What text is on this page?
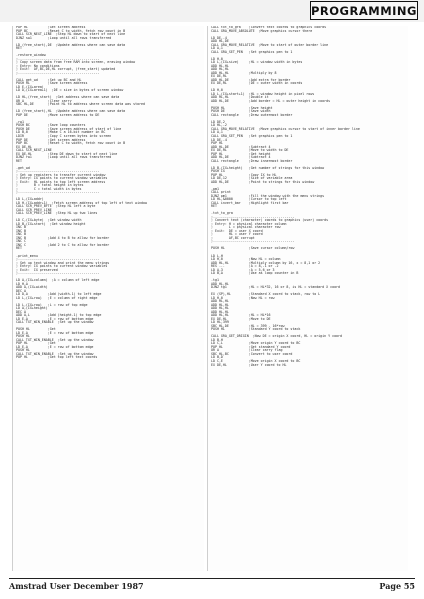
PROGRAMMING
POP HL          ;Get screen address
POP BC          ;Reset C to width, fetch row count in B
CALL SCR_NEXT_LINE  ;Step HL down to start of next line
DJNZ sw1        ;Loop until all rows transferred

LD (free_start),DE  ;Update address where can save data
RET

.restore_window
;-----------------------------------------
; Copy screen data from free RAM into screen, erasing window
; Entry: No conditions
; Exit:  AF,BC,DE,HL corrupt, (free_start) updated
;-----------------------------------------

CALL get_wd     ;Set up BC and HL
PUSH HL         ;Save screen address
LD E,(IX+area)
LD D,(IX+area+1)  ;DE = size in bytes of screen window

LD HL,(free_start)  ;Get address where can save data
OR A            ;Clear carry
SBC HL,DE       ;Point HL to address where screen data was stored

LD (free_start),HL  ;Update address where can save data
POP DE          ;Move screen address to DE

.rw1
PUSH BC         ;Save loop counters
PUSH DE         ;Save screen address of start of line
LD B,0          ;Make C a 16-bit number in BC
LDIR            ;Copy C screen bytes into screen
POP DE          ;Get screen address
POP BC          ;Reset C to width, fetch row count in B
EX DE,HL
CALL SCR_NEXT_LINE
EX DE,HL        ;Step DE down to start of next line
DJNZ rw1        ;Loop until all rows transferred
RET

.get_wd
;-----------------------------------------
; Set up registers to transfer current window
; Entry: IX points to current window variables
; Exit:  HL points to top left screen address
;        B = total height in bytes
;        C = total width in bytes
;-----------------------------------------

LD L,(IX+addr)
LD H,(IX+addr+1)  ;Fetch screen address of top left of text window
CALL SCR_PREV_BYTE  ;Step HL left a byte
CALL SCR_PREV_LINE
CALL SCR_PREV_LINE  ;Step HL up two lines

LD C,(IX+byte)  ;Get window width
LD B,(IX+start)  ;Get window height
INC B
INC B
INC B
INC B           ;Add 4 to B to allow for border
INC C
INC C           ;Add 2 to C to allow for border
RET

.print_menu
;-----------------------------------------
; Set up text window and print the menu strings
; Entry: IX points to current window variables
; Exit:  IX preserved
;-----------------------------------------

LD A,(IX+column)  ;A = column of left edge
LD H,A
ADD A,(IX+width)
DEC A
LD D,A          ;Add (width-1) to left edge
LD L,(IX+row)   ;E = column of right edge

LD L,(IX+row)   ;L = row of top edge
LD A,(IX+height)
DEC A
ADD A,L         ;Add (height-1) to top edge
LD E,A          ;E = row of bottom edge
CALL TXT_WIN_ENABLE  ;Set up the window

PUSH HL         ;Get
LD E,A          ;E = row of bottom edge
PUSH HL
CALL TXT_WIN_ENABLE  ;Set up the window
POP HL          ;Get
LD E,A          ;E = row of bottom edge
PUSH HL
CALL TXT_WIN_ENABLE  ;Set up the window
POP HL          ;Get top left text coords

CALL txt_to_gra    ;Convert text coords to graphics coords
CALL GRA_MOVE_ABSOLUTE  ;Move graphics cursor there

LD DE,-4
ADD HL,DE
CALL GRA_MOVE_RELATIVE  ;Move to start of outer border line
LD A,1
CALL GRA_SET_PEN   ;Set graphics pen to 1

LD H,0
LD L,(IX+size)     ;HL = window width in bytes
ADD HL,HL
ADD HL,HL
ADD HL,HL          ;Multiply by 8
EX DE,HL
ADD HL,DE          ;Add extra for border
EX DE,HL           ;DE = outer width in coords

LD H,0
LD L,(IX+start+1)  ;HL = window height in pixel rows
ADD HL,HL          ;Double it
ADD HL,DE          ;Add border = HL = outer height in coords

PUSH HL            ;Save height
PUSH DE            ;Save width
CALL rectangle     ;Draw outermost border

LD DE,2
LD HL,-2
CALL GRA_MOVE_RELATIVE  ;Move graphics cursor to start of inner border line
LD A,1
CALL GRA_SET_PEN   ;Set graphics pen to 1
LD DE,-4
POP HL
ADD HL,DE          ;Subtract 4
EX DE,HL           ;Move to width to DE
POP HL             ;Get height
ADD HL,DE          ;Subtract 4
CALL rectangle     ;Draw innermost border

LD B,(IX+height)   ;Get number of strings for this window
PUSH IX
POP HL             ;Copy IX to HL
LD DE,12           ;Size of variable area
ADD HL,DE          ;Point to strings for this window

.pm1
CALL print
DJNZ pm1           ;Fill the window with the menu strings
LD HL,&0000        ;Cursor to top left
CALL invert_bar    ;Highlight first bar
RET

.txt_to_gra
;-----------------------------------------
; Convert text (character) coords to graphics (user) coords
; Entry: H = physical character column
;        L = physical character row
; Exit:  DE = user X coord
;        HL = user Y coord
;        AF,BC corrupt
;-----------------------------------------

PUSH HL            ;Save cursor column/row

LD L,H
LD H,0             ;Now HL = column
ADD HL,HL          ;Multiply column by 16, x = 8,1 or 2
RES ...            ;A = 8,-1 or -2
LD A,3             ;A = 5,6 or 3
LD B,A             ;Use as loop counter in B

.tg1
ADD HL,HL
DJNZ tg1           ;HL = HL*32, 16 or 8, is HL = standard X coord

EX (SP),HL         ;Standard X coord to stack, row to L
LD H,0             ;Now HL = row
ADD HL,HL
ADD HL,HL
ADD HL,HL
ADD HL,HL
ADD HL,HL          ;HL = HL*16
EX DE,HL           ;Move to DE
LD HL,399
SBC HL,DE          ;HL = 399 - 16*row
PUSH HL            ;Standard Y coord to stack

CALL GRA_GET_ORIGIN  ;Now DE = origin X coord, HL = origin Y coord
LD B,H
LD C,L             ;Move origin Y coord to BC
POP HL             ;Get standard Y coord
OR A               ;Clear carry flag
SBC HL,BC          ;Convert to user coord
LD B,D
LD C,E             ;Move origin X coord to BC
EX DE,HL           ;User Y coord to HL

Amstrad User December 1987	Page 55
